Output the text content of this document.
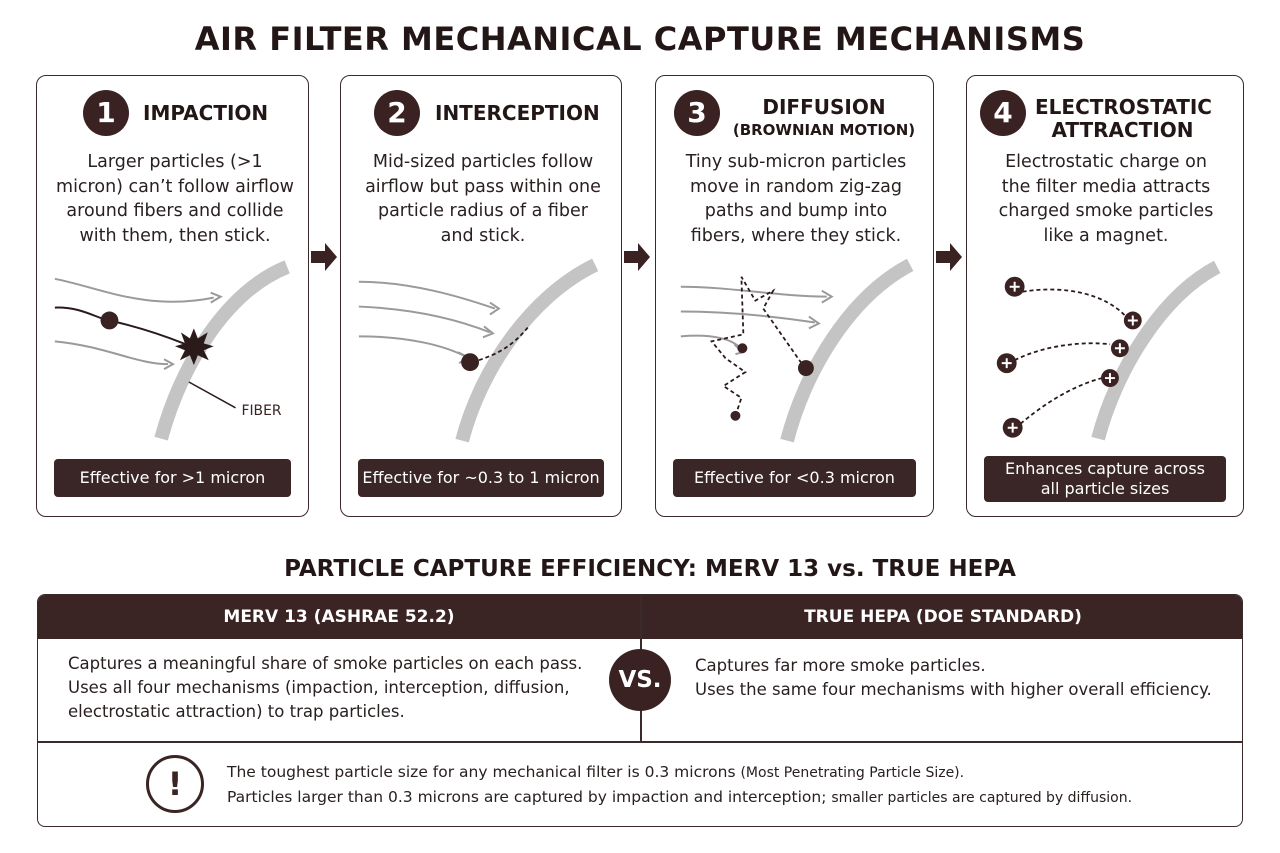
AIR FILTER MECHANICAL CAPTURE MECHANISMS
1	IMPACTION
Larger particles (>1 micron) can’t follow airflow around fibers and collide with them, then stick.
FIBER
Effective for >1 micron
2	INTERCEPTION
Mid-sized particles follow airflow but pass within one particle radius of a fiber and stick.
Effective for ~0.3 to 1 micron
3	DIFFUSION
(BROWNIAN MOTION)
Tiny sub-micron particles move in random zig-zag paths and bump into fibers, where they stick.
Effective for <0.3 micron
4	ELECTROSTATIC
ATTRACTION
Electrostatic charge on the filter media attracts charged smoke particles like a magnet.
Enhances capture across
all particle sizes
PARTICLE CAPTURE EFFICIENCY: MERV 13 vs. TRUE HEPA
MERV 13 (ASHRAE 52.2)	TRUE HEPA (DOE STANDARD)
Captures a meaningful share of smoke particles on each pass.
Uses all four mechanisms (impaction, interception, diffusion,
electrostatic attraction) to trap particles.
VS.
Captures far more smoke particles.
Uses the same four mechanisms with higher overall efficiency.
!	The toughest particle size for any mechanical filter is 0.3 microns (Most Penetrating Particle Size).
Particles larger than 0.3 microns are captured by impaction and interception; smaller particles are captured by diffusion.
